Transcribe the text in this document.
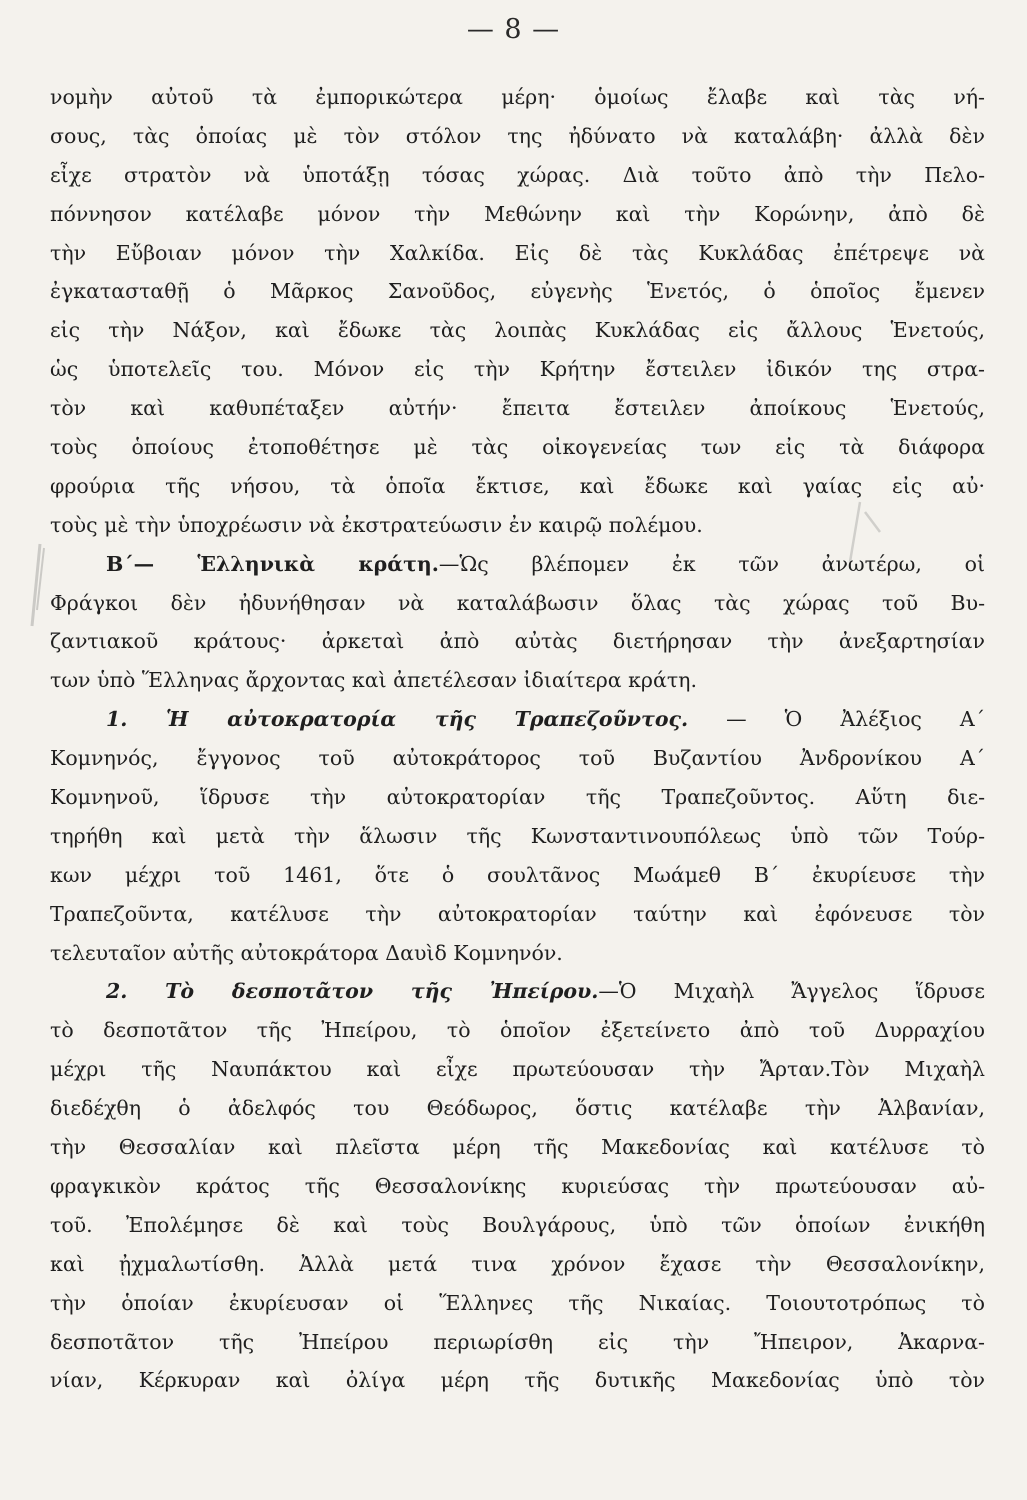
— 8 —
νομὴν αὐτοῦ τὰ ἐμπορικώτερα μέρη· ὁμοίως ἔλαβε καὶ τὰς νή-
σους, τὰς ὁποίας μὲ τὸν στόλον της ἠδύνατο νὰ καταλάβη· ἀλλὰ δὲν
εἶχε στρατὸν νὰ ὑποτάξῃ τόσας χώρας. Διὰ τοῦτο ἀπὸ τὴν Πελο-
πόννησον κατέλαβε μόνον τὴν Μεθώνην καὶ τὴν Κορώνην, ἀπὸ δὲ
τὴν Εὔβοιαν μόνον τὴν Χαλκίδα. Εἰς δὲ τὰς Κυκλάδας ἐπέτρεψε νὰ
ἐγκατασταθῇ ὁ Μᾶρκος Σανοῦδος, εὐγενὴς Ἑνετός, ὁ ὁποῖος ἔμενεν
εἰς τὴν Νάξον, καὶ ἔδωκε τὰς λοιπὰς Κυκλάδας εἰς ἄλλους Ἑνετούς,
ὡς ὑποτελεῖς του. Μόνον εἰς τὴν Κρήτην ἔστειλεν ἰδικόν της στρα-
τὸν καὶ καθυπέταξεν αὐτήν· ἔπειτα ἔστειλεν ἀποίκους Ἑνετούς,
τοὺς ὁποίους ἐτοποθέτησε μὲ τὰς οἰκογενείας των εἰς τὰ διάφορα
φρούρια τῆς νήσου, τὰ ὁποῖα ἔκτισε, καὶ ἔδωκε καὶ γαίας εἰς αὐ·
τοὺς μὲ τὴν ὑποχρέωσιν νὰ ἐκστρατεύωσιν ἐν καιρῷ πολέμου.
Β΄— Ἑλληνικὰ κράτη.—Ὡς βλέπομεν ἐκ τῶν ἀνωτέρω, οἱ
Φράγκοι δὲν ἠδυνήθησαν νὰ καταλάβωσιν ὅλας τὰς χώρας τοῦ Βυ-
ζαντιακοῦ κράτους· ἀρκεταὶ ἀπὸ αὐτὰς διετήρησαν τὴν ἀνεξαρτησίαν
των ὑπὸ Ἕλληνας ἄρχοντας καὶ ἀπετέλεσαν ἰδιαίτερα κράτη.
1. Ἡ αὐτοκρατορία τῆς Τραπεζοῦντος. — Ὁ Ἀλέξιος Α΄
Κομνηνός, ἔγγονος τοῦ αὐτοκράτορος τοῦ Βυζαντίου Ἀνδρονίκου Α΄
Κομνηνοῦ, ἵδρυσε τὴν αὐτοκρατορίαν τῆς Τραπεζοῦντος. Αὕτη διε-
τηρήθη καὶ μετὰ τὴν ἅλωσιν τῆς Κωνσταντινουπόλεως ὑπὸ τῶν Τούρ-
κων μέχρι τοῦ 1461, ὅτε ὁ σουλτᾶνος Μωάμεθ Β΄ ἐκυρίευσε τὴν
Τραπεζοῦντα, κατέλυσε τὴν αὐτοκρατορίαν ταύτην καὶ ἐφόνευσε τὸν
τελευταῖον αὐτῆς αὐτοκράτορα Δαυὶδ Κομνηνόν.
2. Τὸ δεσποτᾶτον τῆς Ἠπείρου.—Ὁ Μιχαὴλ Ἄγγελος ἵδρυσε
τὸ δεσποτᾶτον τῆς Ἠπείρου, τὸ ὁποῖον ἐξετείνετο ἀπὸ τοῦ Δυρραχίου
μέχρι τῆς Ναυπάκτου καὶ εἶχε πρωτεύουσαν τὴν Ἄρταν.Τὸν Μιχαὴλ
διεδέχθη ὁ ἀδελφός του Θεόδωρος, ὅστις κατέλαβε τὴν Ἀλβανίαν,
τὴν Θεσσαλίαν καὶ πλεῖστα μέρη τῆς Μακεδονίας καὶ κατέλυσε τὸ
φραγκικὸν κράτος τῆς Θεσσαλονίκης κυριεύσας τὴν πρωτεύουσαν αὐ-
τοῦ. Ἐπολέμησε δὲ καὶ τοὺς Βουλγάρους, ὑπὸ τῶν ὁποίων ἐνικήθη
καὶ ᾐχμαλωτίσθη. Ἀλλὰ μετά τινα χρόνον ἔχασε τὴν Θεσσαλονίκην,
τὴν ὁποίαν ἐκυρίευσαν οἱ Ἕλληνες τῆς Νικαίας. Τοιουτοτρόπως τὸ
δεσποτᾶτον τῆς Ἠπείρου περιωρίσθη εἰς τὴν Ἤπειρον, Ἀκαρνα-
νίαν, Κέρκυραν καὶ ὀλίγα μέρη τῆς δυτικῆς Μακεδονίας ὑπὸ τὸν
